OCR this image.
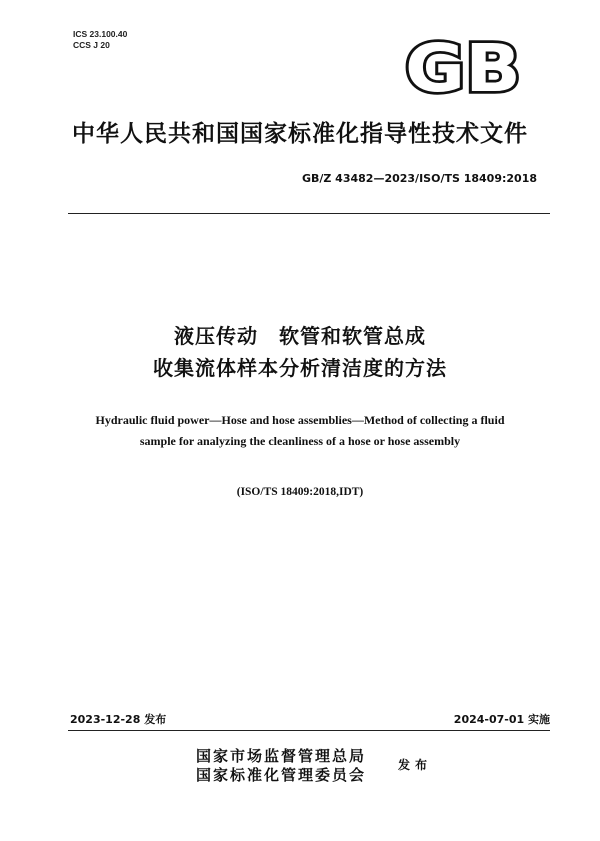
ICS 23.100.40
CCS J 20	GB
中华人民共和国国家标准化指导性技术文件
GB/Z 43482—2023/ISO/TS 18409:2018
液压传动　软管和软管总成
收集流体样本分析清洁度的方法
Hydraulic fluid power—Hose and hose assemblies—Method of collecting a fluid
sample for analyzing the cleanliness of a hose or hose assembly
(ISO/TS 18409:2018,IDT)
2023-12-28 发布	2024-07-01 实施
国家市场监督管理总局
国家标准化管理委员会
发布
